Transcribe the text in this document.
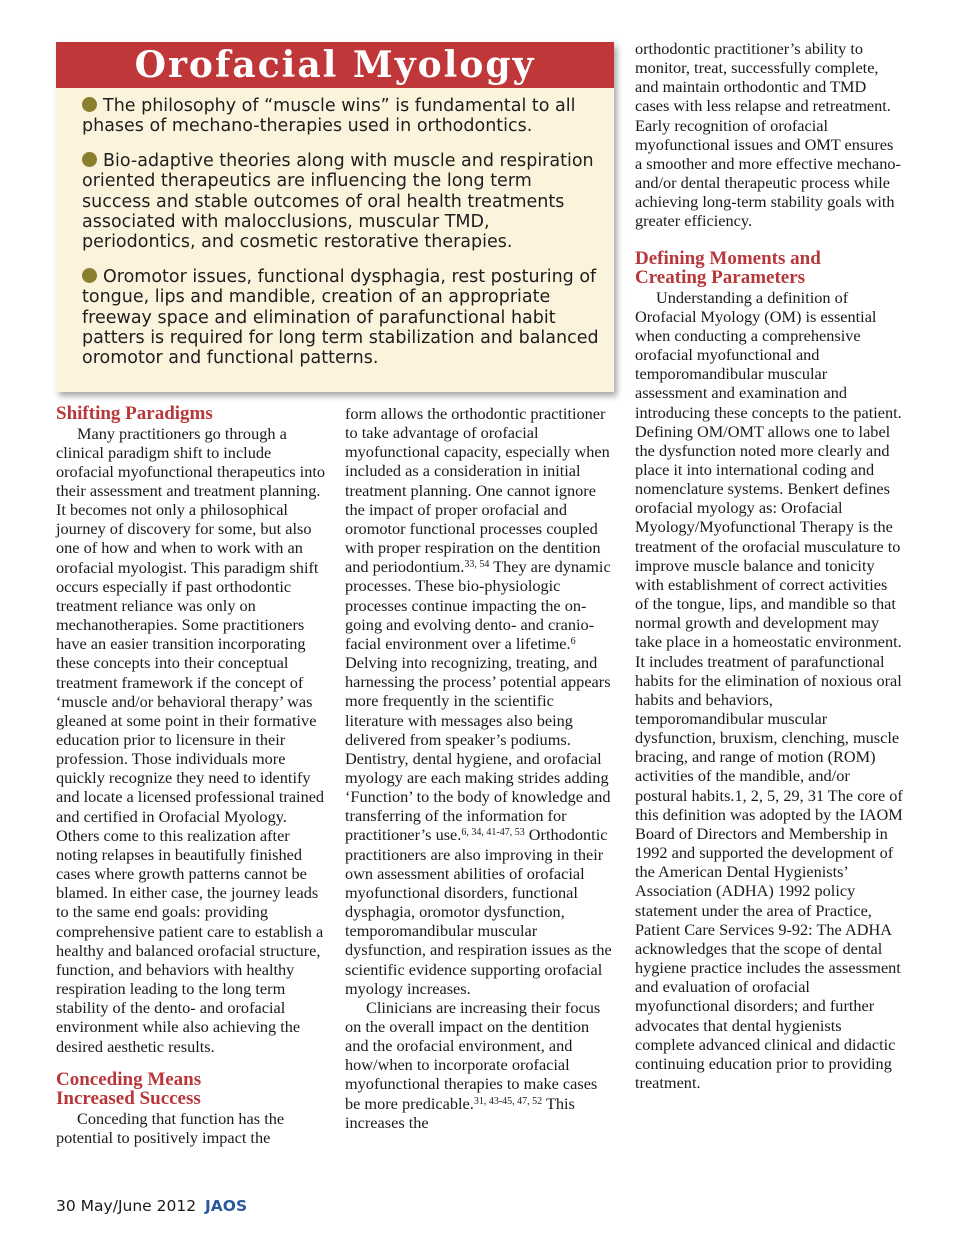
Orofacial Myology

The philosophy of “muscle wins” is fundamental to all phases of mechano-therapies used in orthodontics.

Bio-adaptive theories along with muscle and respiration oriented therapeutics are influencing the long term success and stable outcomes of oral health treatments associated with malocclusions, muscular TMD, periodontics, and cosmetic restorative therapies.

Oromotor issues, functional dysphagia, rest posturing of tongue, lips and mandible, creation of an appropriate freeway space and elimination of parafunctional habit patters is required for long term stabilization and balanced oromotor and functional patterns.

Shifting Paradigms

Many practitioners go through a clinical paradigm shift to include orofacial myofunctional therapeutics into their assessment and treatment planning. It becomes not only a philosophical journey of discovery for some, but also one of how and when to work with an orofacial myologist. This paradigm shift occurs especially if past orthodontic treatment reliance was only on mechanotherapies. Some practitioners have an easier transition incorporating these concepts into their conceptual treatment framework if the concept of ‘muscle and/or behavioral therapy’ was gleaned at some point in their formative education prior to licensure in their profession. Those individuals more quickly recognize they need to identify and locate a licensed professional trained and certified in Orofacial Myology. Others come to this realization after noting relapses in beautifully finished cases where growth patterns cannot be blamed. In either case, the journey leads to the same end goals: providing comprehensive patient care to establish a healthy and balanced orofacial structure, function, and behaviors with healthy respiration leading to the long term stability of the dento- and orofacial environment while also achieving the desired aesthetic results.

Conceding Means
Increased Success

Conceding that function has the potential to positively impact the

form allows the orthodontic practitioner to take advantage of orofacial myofunctional capacity, especially when included as a consideration in initial treatment planning. One cannot ignore the impact of proper orofacial and oromotor functional processes coupled with proper respiration on the dentition and periodontium.$^{33, 54}$ They are dynamic processes. These bio-physiologic processes continue impacting the on-going and evolving dento- and cranio-facial environment over a lifetime.$^6$ Delving into recognizing, treating, and harnessing the process’ potential appears more frequently in the scientific literature with messages also being delivered from speaker’s podiums. Dentistry, dental hygiene, and orofacial myology are each making strides adding ‘Function’ to the body of knowledge and transferring of the information for practitioner’s use.$^{6, 34, 41-47, 53}$ Orthodontic practitioners are also improving in their own assessment abilities of orofacial myofunctional disorders, functional dysphagia, oromotor dysfunction, temporomandibular muscular dysfunction, and respiration issues as the scientific evidence supporting orofacial myology increases.

Clinicians are increasing their focus on the overall impact on the dentition and the orofacial environment, and how/when to incorporate orofacial myofunctional therapies to make cases be more predicable.$^{31, 43-45, 47, 52}$ This increases the

orthodontic practitioner’s ability to monitor, treat, successfully complete, and maintain orthodontic and TMD cases with less relapse and retreatment. Early recognition of orofacial myofunctional issues and OMT ensures a smoother and more effective mechano- and/or dental therapeutic process while achieving long-term stability goals with greater efficiency.

Defining Moments and
Creating Parameters

Understanding a definition of Orofacial Myology (OM) is essential when conducting a comprehensive orofacial myofunctional and temporomandibular muscular assessment and examination and introducing these concepts to the patient. Defining OM/OMT allows one to label the dysfunction noted more clearly and place it into international coding and nomenclature systems. Benkert defines orofacial myology as: Orofacial Myology/Myofunctional Therapy is the treatment of the orofacial musculature to improve muscle balance and tonicity with establishment of correct activities of the tongue, lips, and mandible so that normal growth and development may take place in a homeostatic environment. It includes treatment of parafunctional habits for the elimination of noxious oral habits and behaviors, temporomandibular muscular dysfunction, bruxism, clenching, muscle bracing, and range of motion (ROM) activities of the mandible, and/or postural habits.1, 2, 5, 29, 31 The core of this definition was adopted by the IAOM Board of Directors and Membership in 1992 and supported the development of the American Dental Hygienists’ Association (ADHA) 1992 policy statement under the area of Practice, Patient Care Services 9-92: The ADHA acknowledges that the scope of dental hygiene practice includes the assessment and evaluation of orofacial myofunctional disorders; and further advocates that dental hygienists complete advanced clinical and didactic continuing education prior to providing treatment.

30 May/June 2012 JAOS
